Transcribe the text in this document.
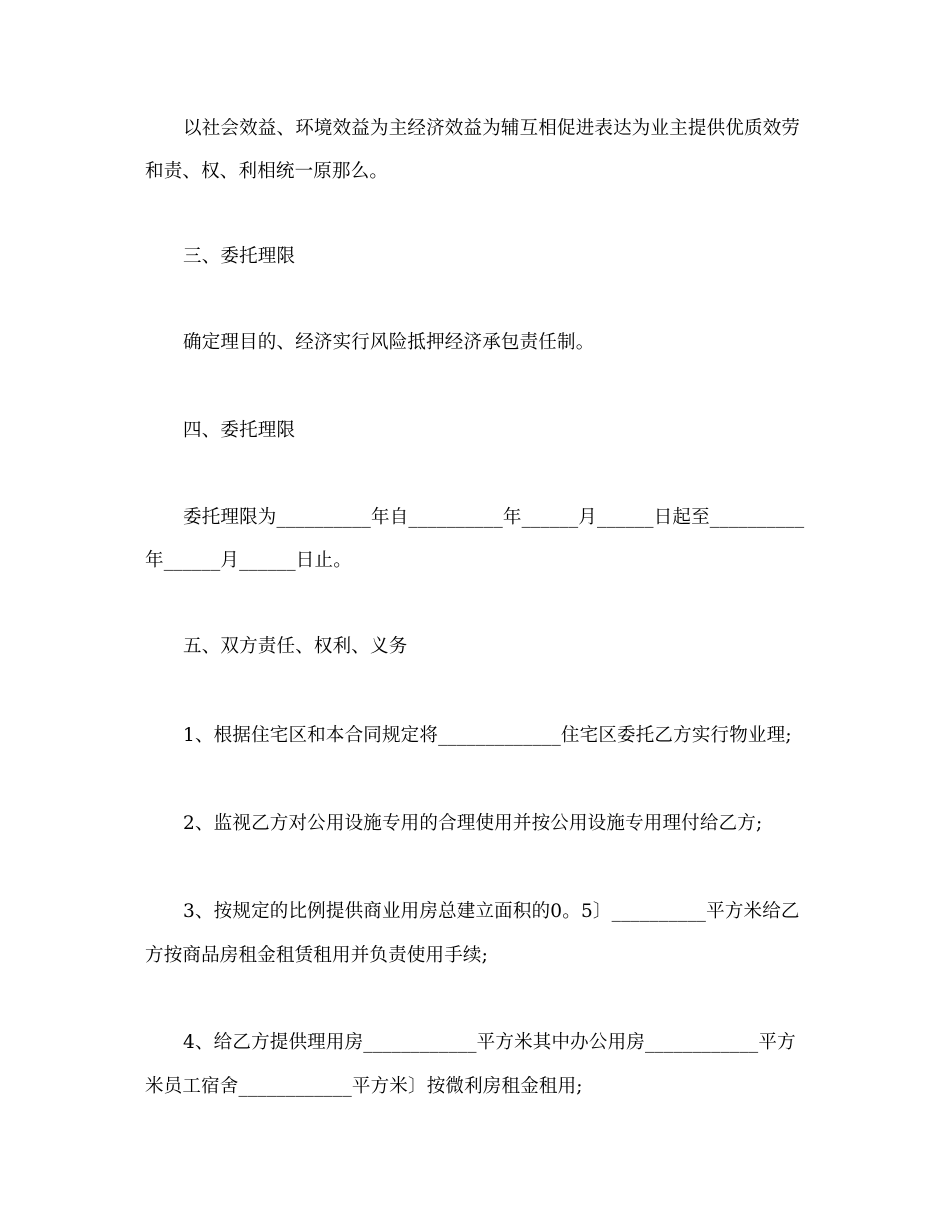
以社会效益、环境效益为主经济效益为辅互相促进表达为业主提供优质效劳
和责、权、利相统一原那么。
三、委托理限
确定理目的、经济实行风险抵押经济承包责任制。
四、委托理限
委托理限为__________年自__________年______月______日起至__________
年______月______日止。
五、双方责任、权利、义务
1、根据住宅区和本合同规定将_____________住宅区委托乙方实行物业理;
2、监视乙方对公用设施专用的合理使用并按公用设施专用理付给乙方;
3、按规定的比例提供商业用房总建立面积的0。5〕__________平方米给乙
方按商品房租金租赁租用并负责使用手续;
4、给乙方提供理用房____________平方米其中办公用房____________平方
米员工宿舍____________平方米〕按微利房租金租用;
